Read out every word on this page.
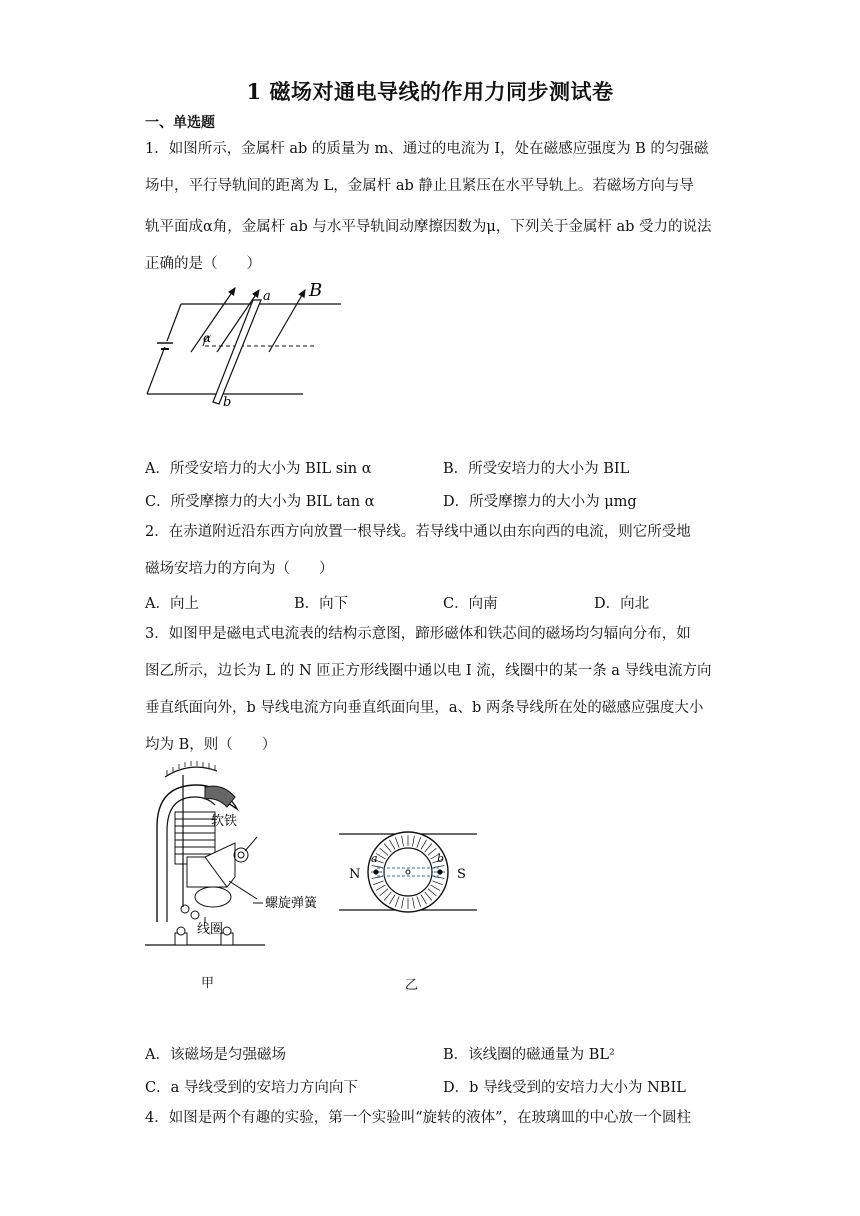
1 磁场对通电导线的作用力同步测试卷
一、单选题

1．如图所示，金属杆 ab 的质量为 m、通过的电流为 I，处在磁感应强度为 B 的匀强磁

场中，平行导轨间的距离为 L，金属杆 ab 静止且紧压在水平导轨上。若磁场方向与导

轨平面成α角，金属杆 ab 与水平导轨间动摩擦因数为μ，下列关于金属杆 ab 受力的说法

正确的是（　　）

α
a
b
B
A．所受安培力的大小为 BIL sin α	B．所受安培力的大小为 BIL
C．所受摩擦力的大小为 BIL tan α	D．所受摩擦力的大小为 μmg

2．在赤道附近沿东西方向放置一根导线。若导线中通以由东向西的电流，则它所受地

磁场安培力的方向为（　　）

A．向上	B．向下	C．向南	D．向北

3．如图甲是磁电式电流表的结构示意图，蹄形磁体和铁芯间的磁场均匀辐向分布，如

图乙所示，边长为 L 的 N 匝正方形线圈中通以电 I 流，线圈中的某一条 a 导线电流方向

垂直纸面向外，b 导线电流方向垂直纸面向里，a、b 两条导线所在处的磁感应强度大小

均为 B，则（　　）

软铁
螺旋弹簧
线圈
甲
N	S
a	b
乙
A．该磁场是匀强磁场	B．该线圈的磁通量为 BL²
C．a 导线受到的安培力方向向下	D．b 导线受到的安培力大小为 NBIL

4．如图是两个有趣的实验，第一个实验叫“旋转的液体”，在玻璃皿的中心放一个圆柱
